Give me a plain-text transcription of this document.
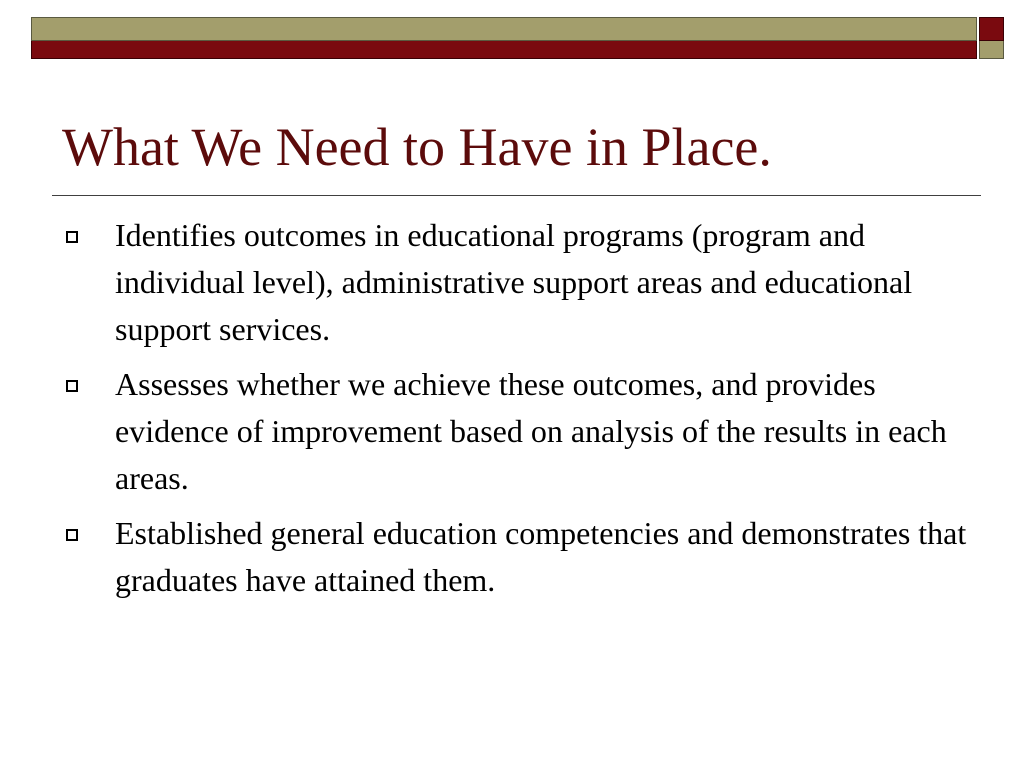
What We Need to Have in Place.
Identifies outcomes in educational programs (program and individual level), administrative support areas and educational support services.
Assesses whether we achieve these outcomes, and provides evidence of improvement based on analysis of the results in each areas.
Established general education competencies and demonstrates that graduates have attained them.
